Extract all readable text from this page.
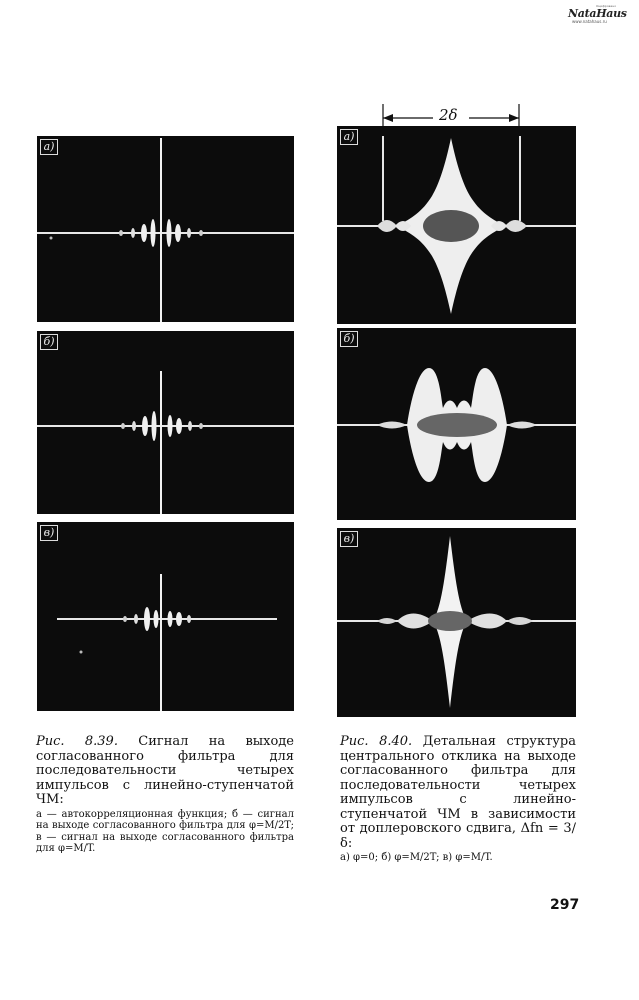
Оцифровано
NataHaus
www.natahaus.ru
2δ
а)
б)
в)
а)
б)
в)
Рис. 8.39. Сигнал на выходе согласованного фильтра для последовательности четырех импульсов с линейно-ступенчатой ЧМ:
а — автокорреляционная функция; б — сигнал на выходе согласованного фильтра для φ=M/2T; в — сигнал на выходе согласованного фильтра для φ=M/T.
Рис. 8.40. Детальная структура центрального отклика на выходе согласованного фильтра для последовательности четырех импульсов с линейно-ступенчатой ЧМ в зависимости от доплеровского сдвига, Δfn = 3/δ:
а) φ=0; б) φ=M/2T; в) φ=M/T.
297
